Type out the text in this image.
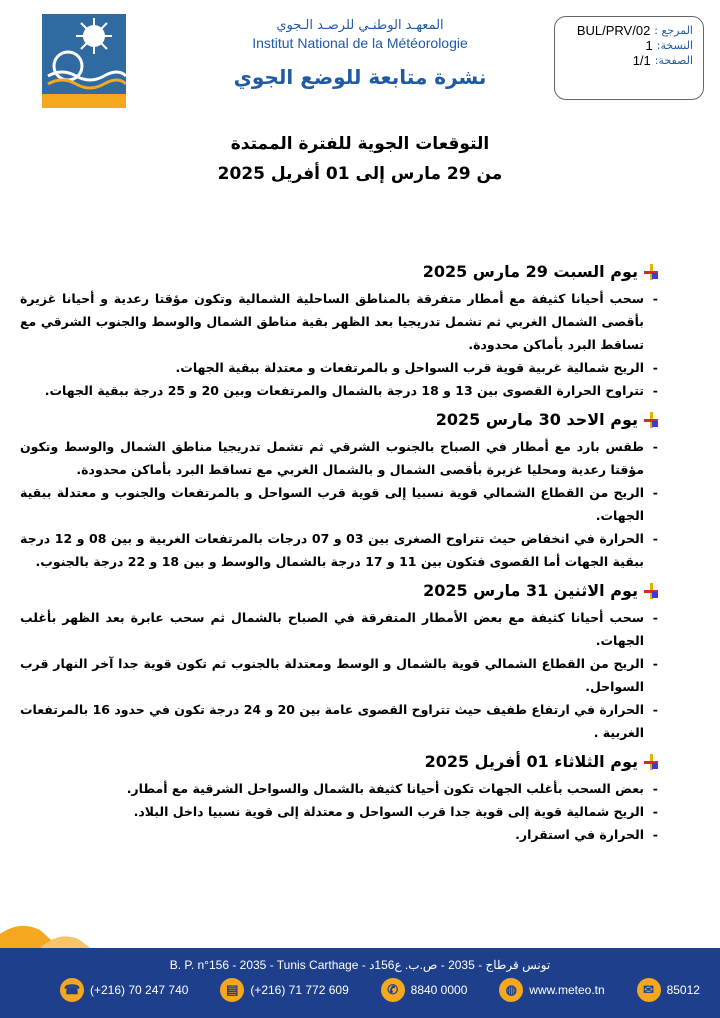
المعهـد الوطنـي للرصـد الـجوي
Institut National de la Météorologie
نشرة متابعة للوضع الجوي
المرجع :
BUL/PRV/02
النسخة:
1
الصفحة:
1/1
التوقعات الجوية للفترة الممتدة
من 29 مارس إلى 01 أفريل 2025
يوم السبت 29 مارس 2025
- سحب أحيانا كثيفة مع أمطار متفرقة بالمناطق الساحلية الشمالية وتكون مؤقتا رعدية و أحيانا غزيرة بأقصى الشمال الغربي ثم تشمل تدريجيا بعد الظهر بقية مناطق الشمال والوسط والجنوب الشرقي مع تساقط البرد بأماكن محدودة.
- الريح شمالية غربية قوية قرب السواحل و بالمرتفعات و معتدلة ببقية الجهات.
- تتراوح الحرارة القصوى بين 13 و 18 درجة بالشمال والمرتفعات وبين 20 و 25 درجة ببقية الجهات.
يوم الاحد 30 مارس 2025
- طقس بارد مع أمطار في الصباح بالجنوب الشرقي ثم تشمل تدريجيا مناطق الشمال والوسط وتكون مؤقتا رعدية ومحليا غزيرة بأقصى الشمال و بالشمال الغربي مع تساقط البرد بأماكن محدودة.
- الريح من القطاع الشمالي قوية نسبيا إلى قوية قرب السواحل و بالمرتفعات والجنوب و معتدلة ببقية الجهات.
- الحرارة في انخفاض حيث تتراوح الصغرى بين 03 و 07 درجات بالمرتفعات الغربية و بين 08 و 12 درجة ببقية الجهات أما القصوى فتكون بين 11 و 17 درجة بالشمال والوسط و بين 18 و 22 درجة بالجنوب.
يوم الاثنين 31 مارس 2025
- سحب أحيانا كثيفة مع بعض الأمطار المتفرقة في الصباح بالشمال ثم سحب عابرة بعد الظهر بأغلب الجهات.
- الريح من القطاع الشمالي قوية بالشمال و الوسط ومعتدلة بالجنوب ثم تكون قوية جدا آخر النهار قرب السواحل.
- الحرارة في ارتفاع طفيف حيث تتراوح القصوى عامة بين 20 و 24 درجة تكون في حدود 16 بالمرتفعات الغربية .
يوم الثلاثاء 01 أفريل 2025
- بعض السحب بأغلب الجهات تكون أحيانا كثيفة بالشمال والسواحل الشرقية مع أمطار.
- الريح شمالية قوية إلى قوية جدا قرب السواحل و معتدلة إلى قوية نسبيا داخل البلاد.
- الحرارة في استقرار.
B. P. n°156 - 2035 - Tunis Carthage - تونس قرطاج - 2035 - ص.ب. ع156د
☎ (+216) 70 247 740	▤ (+216) 71 772 609	✆	8840 0000	◍	www.meteo.tn	✉	85012
